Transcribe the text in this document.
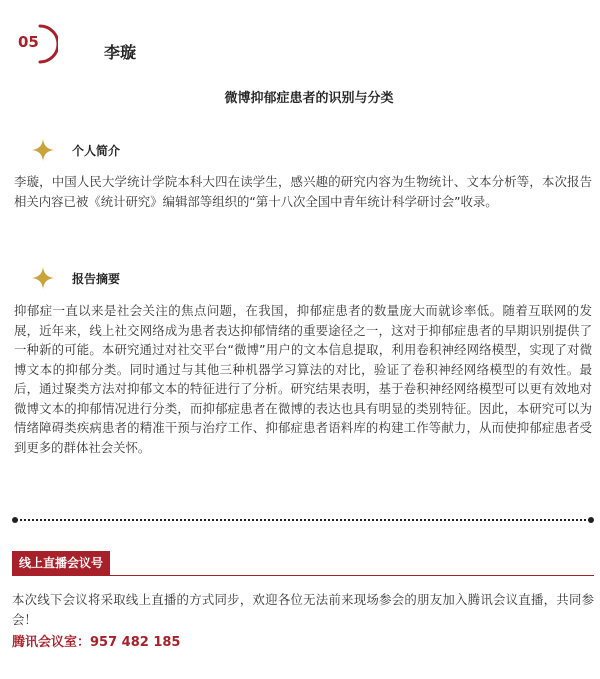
05
李璇
微博抑郁症患者的识别与分类
个人简介
李璇，中国人民大学统计学院本科大四在读学生，感兴趣的研究内容为生物统计、文本分析等，本次报告相关内容已被《统计研究》编辑部等组织的“第十八次全国中青年统计科学研讨会”收录。
报告摘要
抑郁症一直以来是社会关注的焦点问题，在我国，抑郁症患者的数量庞大而就诊率低。随着互联网的发展，近年来，线上社交网络成为患者表达抑郁情绪的重要途径之一，这对于抑郁症患者的早期识别提供了一种新的可能。本研究通过对社交平台“微博”用户的文本信息提取，利用卷积神经网络模型，实现了对微博文本的抑郁分类。同时通过与其他三种机器学习算法的对比，验证了卷积神经网络模型的有效性。最后，通过聚类方法对抑郁文本的特征进行了分析。研究结果表明，基于卷积神经网络模型可以更有效地对微博文本的抑郁情况进行分类，而抑郁症患者在微博的表达也具有明显的类别特征。因此，本研究可以为情绪障碍类疾病患者的精准干预与治疗工作、抑郁症患者语料库的构建工作等献力，从而使抑郁症患者受到更多的群体社会关怀。
线上直播会议号
本次线下会议将采取线上直播的方式同步，欢迎各位无法前来现场参会的朋友加入腾讯会议直播，共同参会！
腾讯会议室：957 482 185
